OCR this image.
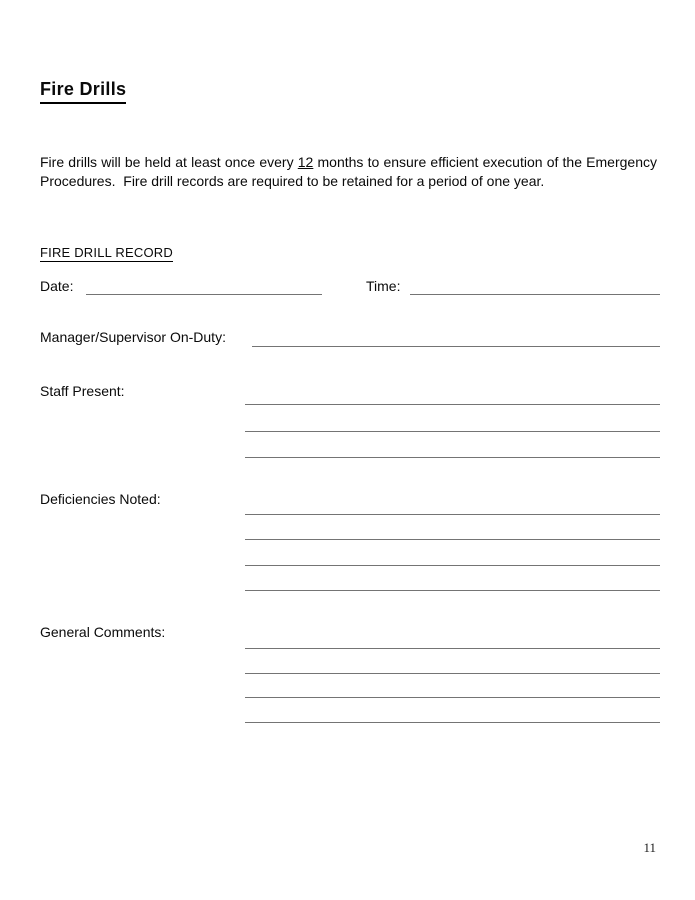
Fire Drills

Fire drills will be held at least once every 12 months to ensure efficient execution of the Emergency Procedures.  Fire drill records are required to be retained for a period of one year.

FIRE DRILL RECORD
Date:	Time:
Manager/Supervisor On-Duty:
Staff Present:
Deficiencies Noted:
General Comments:
11
